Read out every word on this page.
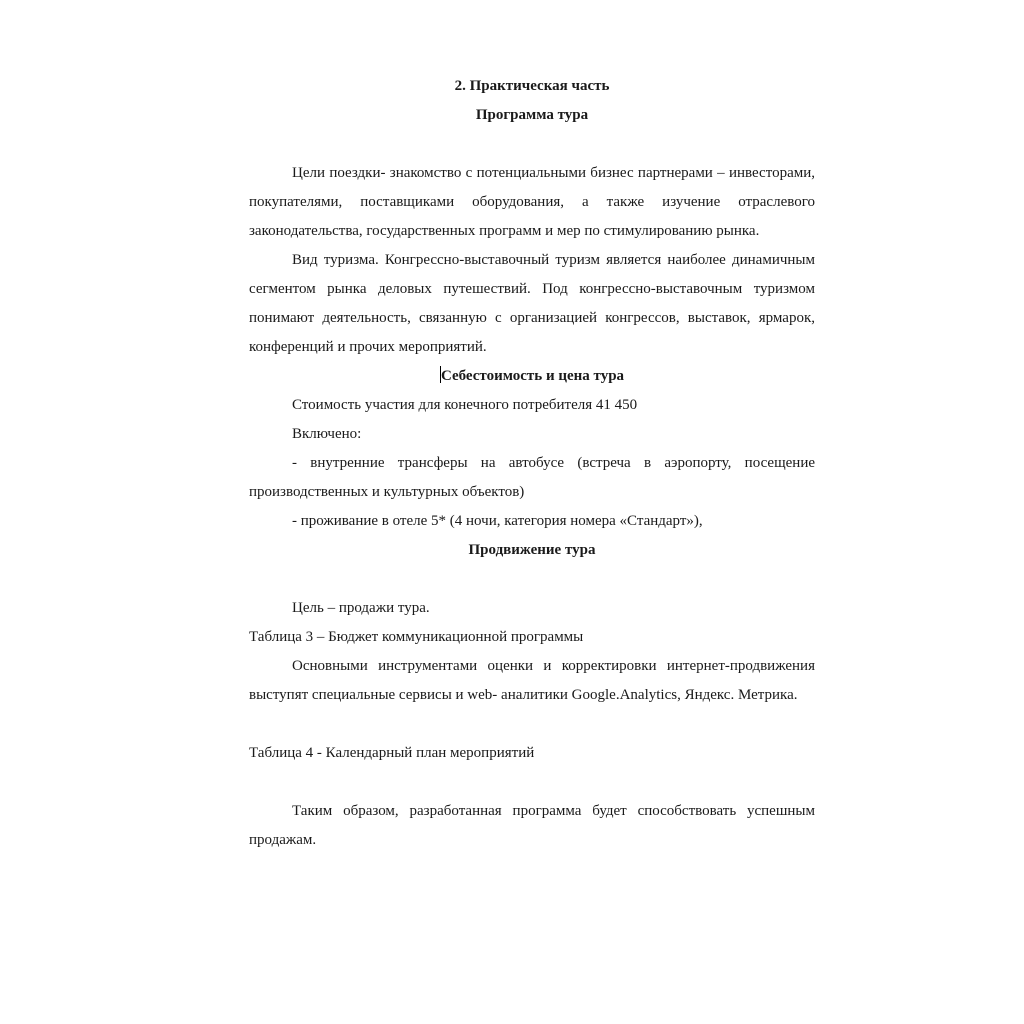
2. Практическая часть

Программа тура

Цели поездки- знакомство с потенциальными бизнес партнерами – инвесторами, покупателями, поставщиками оборудования, а также изучение отраслевого законодательства, государственных программ и мер по стимулированию рынка.

Вид туризма. Конгрессно-выставочный туризм является наиболее динамичным сегментом рынка деловых путешествий. Под конгрессно-выставочным туризмом понимают деятельность, связанную с организацией конгрессов, выставок, ярмарок, конференций и прочих мероприятий.

Себестоимость и цена тура

Стоимость участия для конечного потребителя 41 450

Включено:

- внутренние трансферы на автобусе (встреча в аэропорту, посещение производственных и культурных объектов)

- проживание в отеле 5* (4 ночи, категория номера «Стандарт»),

Продвижение тура

Цель – продажи тура.

Таблица 3 – Бюджет коммуникационной программы

Основными инструментами оценки и корректировки интернет-продвижения выступят специальные сервисы и web- аналитики Google.Analytics, Яндекс. Метрика.

Таблица 4 - Календарный план мероприятий

Таким образом, разработанная программа будет способствовать успешным продажам.
